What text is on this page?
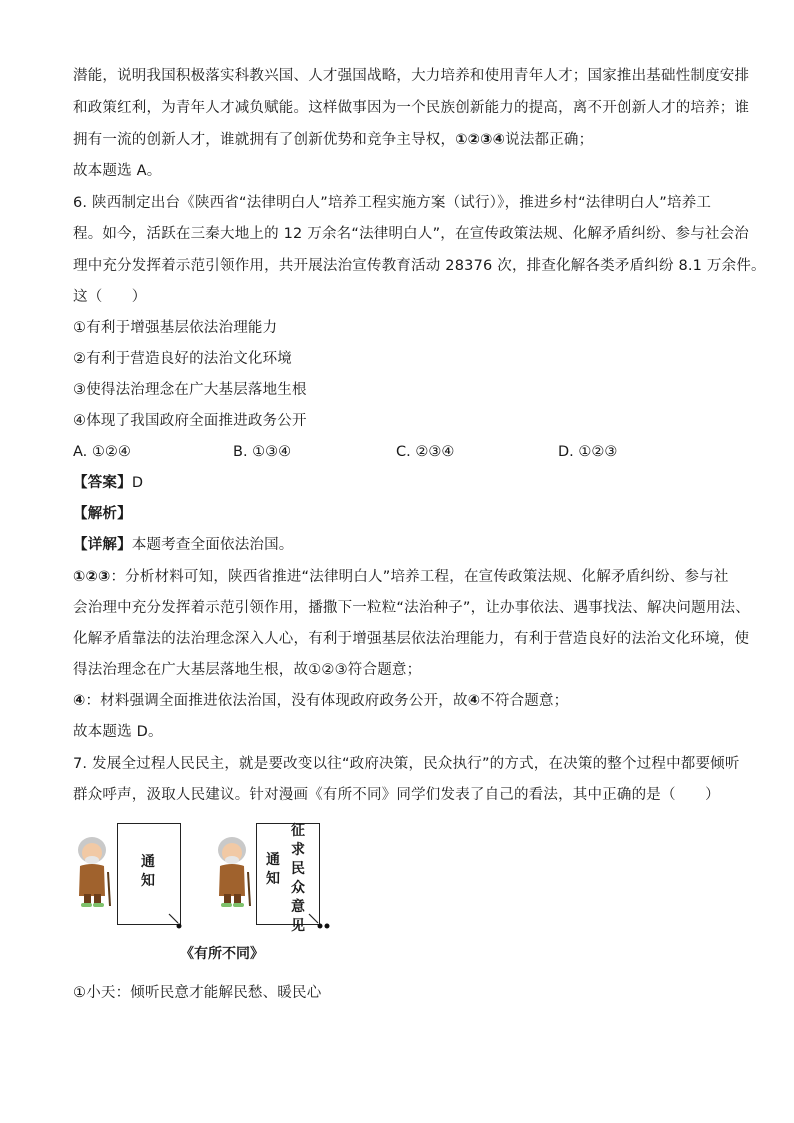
潜能，说明我国积极落实科教兴国、人才强国战略，大力培养和使用青年人才；国家推出基础性制度安排
和政策红利，为青年人才减负赋能。这样做事因为一个民族创新能力的提高，离不开创新人才的培养；谁
拥有一流的创新人才，谁就拥有了创新优势和竞争主导权，①②③④说法都正确；
故本题选 A。
6. 陕西制定出台《陕西省“法律明白人”培养工程实施方案（试行）》，推进乡村“法律明白人”培养工
程。如今，活跃在三秦大地上的 12 万余名“法律明白人”，在宣传政策法规、化解矛盾纠纷、参与社会治
理中充分发挥着示范引领作用，共开展法治宣传教育活动 28376 次，排查化解各类矛盾纠纷 8.1 万余件。
这（　　）
①有利于增强基层依法治理能力
②有利于营造良好的法治文化环境
③使得法治理念在广大基层落地生根
④体现了我国政府全面推进政务公开
A. ①②④	B. ①③④	C. ②③④	D. ①②③
【答案】D
【解析】
【详解】本题考查全面依法治国。
①②③：分析材料可知，陕西省推进“法律明白人”培养工程，在宣传政策法规、化解矛盾纠纷、参与社
会治理中充分发挥着示范引领作用，播撒下一粒粒“法治种子”，让办事依法、遇事找法、解决问题用法、
化解矛盾靠法的法治理念深入人心，有利于增强基层依法治理能力，有利于营造良好的法治文化环境，使
得法治理念在广大基层落地生根，故①②③符合题意；
④：材料强调全面推进依法治国，没有体现政府政务公开，故④不符合题意；
故本题选 D。
7. 发展全过程人民民主，就是要改变以往“政府决策，民众执行”的方式，在决策的整个过程中都要倾听
群众呼声，汲取人民建议。针对漫画《有所不同》同学们发表了自己的看法，其中正确的是（　　）
通
知
通
知
征
求
民
众
意
见
《有所不同》
①小天：倾听民意才能解民愁、暖民心
